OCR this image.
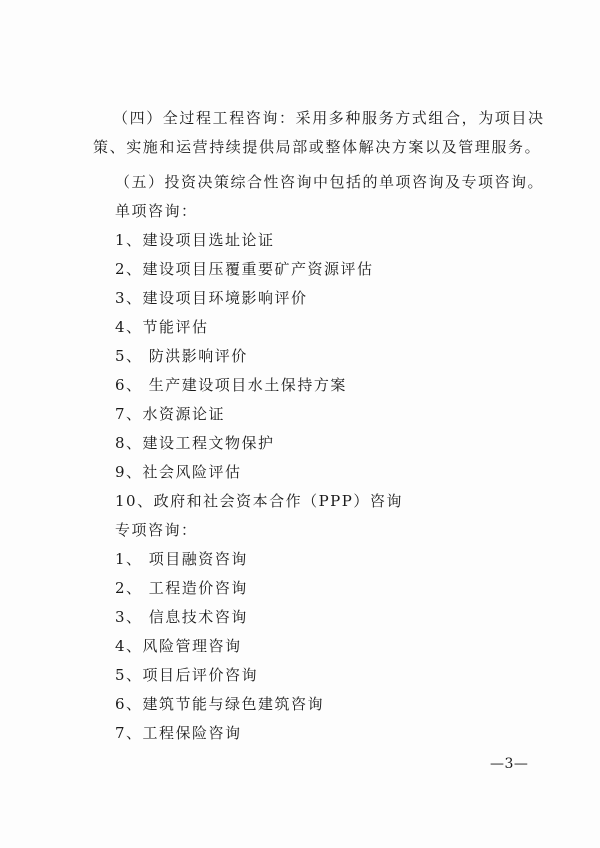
（四）全过程工程咨询：采用多种服务方式组合，为项目决
策、实施和运营持续提供局部或整体解决方案以及管理服务。
（五）投资决策综合性咨询中包括的单项咨询及专项咨询。
单项咨询：
1、建设项目选址论证
2、建设项目压覆重要矿产资源评估
3、建设项目环境影响评价
4、节能评估
5、 防洪影响评价
6、 生产建设项目水土保持方案
7、水资源论证
8、建设工程文物保护
9、社会风险评估
10、政府和社会资本合作（PPP）咨询
专项咨询：
1、 项目融资咨询
2、 工程造价咨询
3、 信息技术咨询
4、风险管理咨询
5、项目后评价咨询
6、建筑节能与绿色建筑咨询
7、工程保险咨询
—3—
